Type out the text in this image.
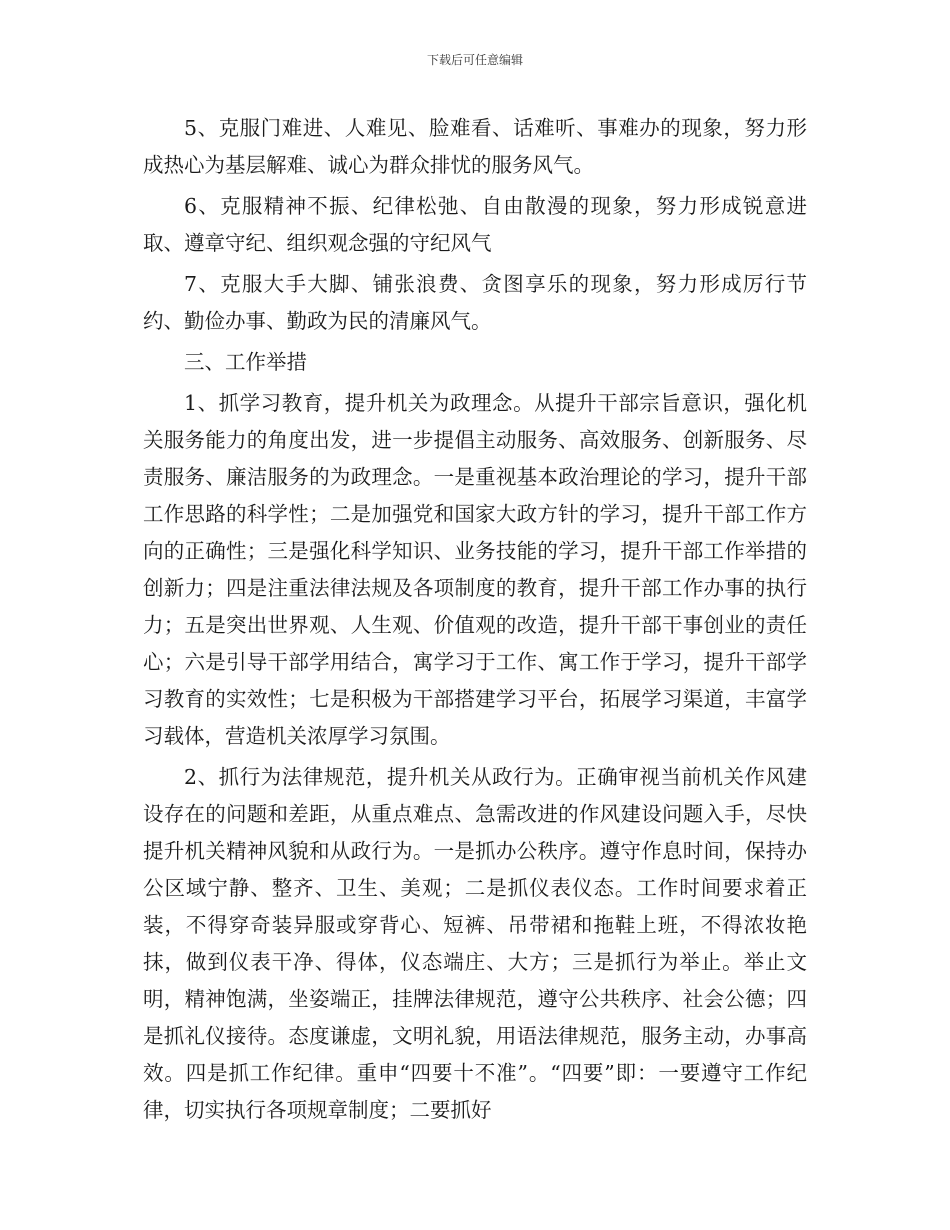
下载后可任意编辑

5、克服门难进、人难见、脸难看、话难听、事难办的现象，努力形成热心为基层解难、诚心为群众排忧的服务风气。

6、克服精神不振、纪律松弛、自由散漫的现象，努力形成锐意进取、遵章守纪、组织观念强的守纪风气

7、克服大手大脚、铺张浪费、贪图享乐的现象，努力形成厉行节约、勤俭办事、勤政为民的清廉风气。

三、工作举措

1、抓学习教育，提升机关为政理念。从提升干部宗旨意识，强化机关服务能力的角度出发，进一步提倡主动服务、高效服务、创新服务、尽责服务、廉洁服务的为政理念。一是重视基本政治理论的学习，提升干部工作思路的科学性；二是加强党和国家大政方针的学习，提升干部工作方向的正确性；三是强化科学知识、业务技能的学习，提升干部工作举措的创新力；四是注重法律法规及各项制度的教育，提升干部工作办事的执行力；五是突出世界观、人生观、价值观的改造，提升干部干事创业的责任心；六是引导干部学用结合，寓学习于工作、寓工作于学习，提升干部学习教育的实效性；七是积极为干部搭建学习平台，拓展学习渠道，丰富学习载体，营造机关浓厚学习氛围。

2、抓行为法律规范，提升机关从政行为。正确审视当前机关作风建设存在的问题和差距，从重点难点、急需改进的作风建设问题入手，尽快提升机关精神风貌和从政行为。一是抓办公秩序。遵守作息时间，保持办公区域宁静、整齐、卫生、美观；二是抓仪表仪态。工作时间要求着正装，不得穿奇装异服或穿背心、短裤、吊带裙和拖鞋上班，不得浓妆艳抹，做到仪表干净、得体，仪态端庄、大方；三是抓行为举止。举止文明，精神饱满，坐姿端正，挂牌法律规范，遵守公共秩序、社会公德；四是抓礼仪接待。态度谦虚，文明礼貌，用语法律规范，服务主动，办事高效。四是抓工作纪律。重申“四要十不准”。“四要”即：一要遵守工作纪律，切实执行各项规章制度；二要抓好
